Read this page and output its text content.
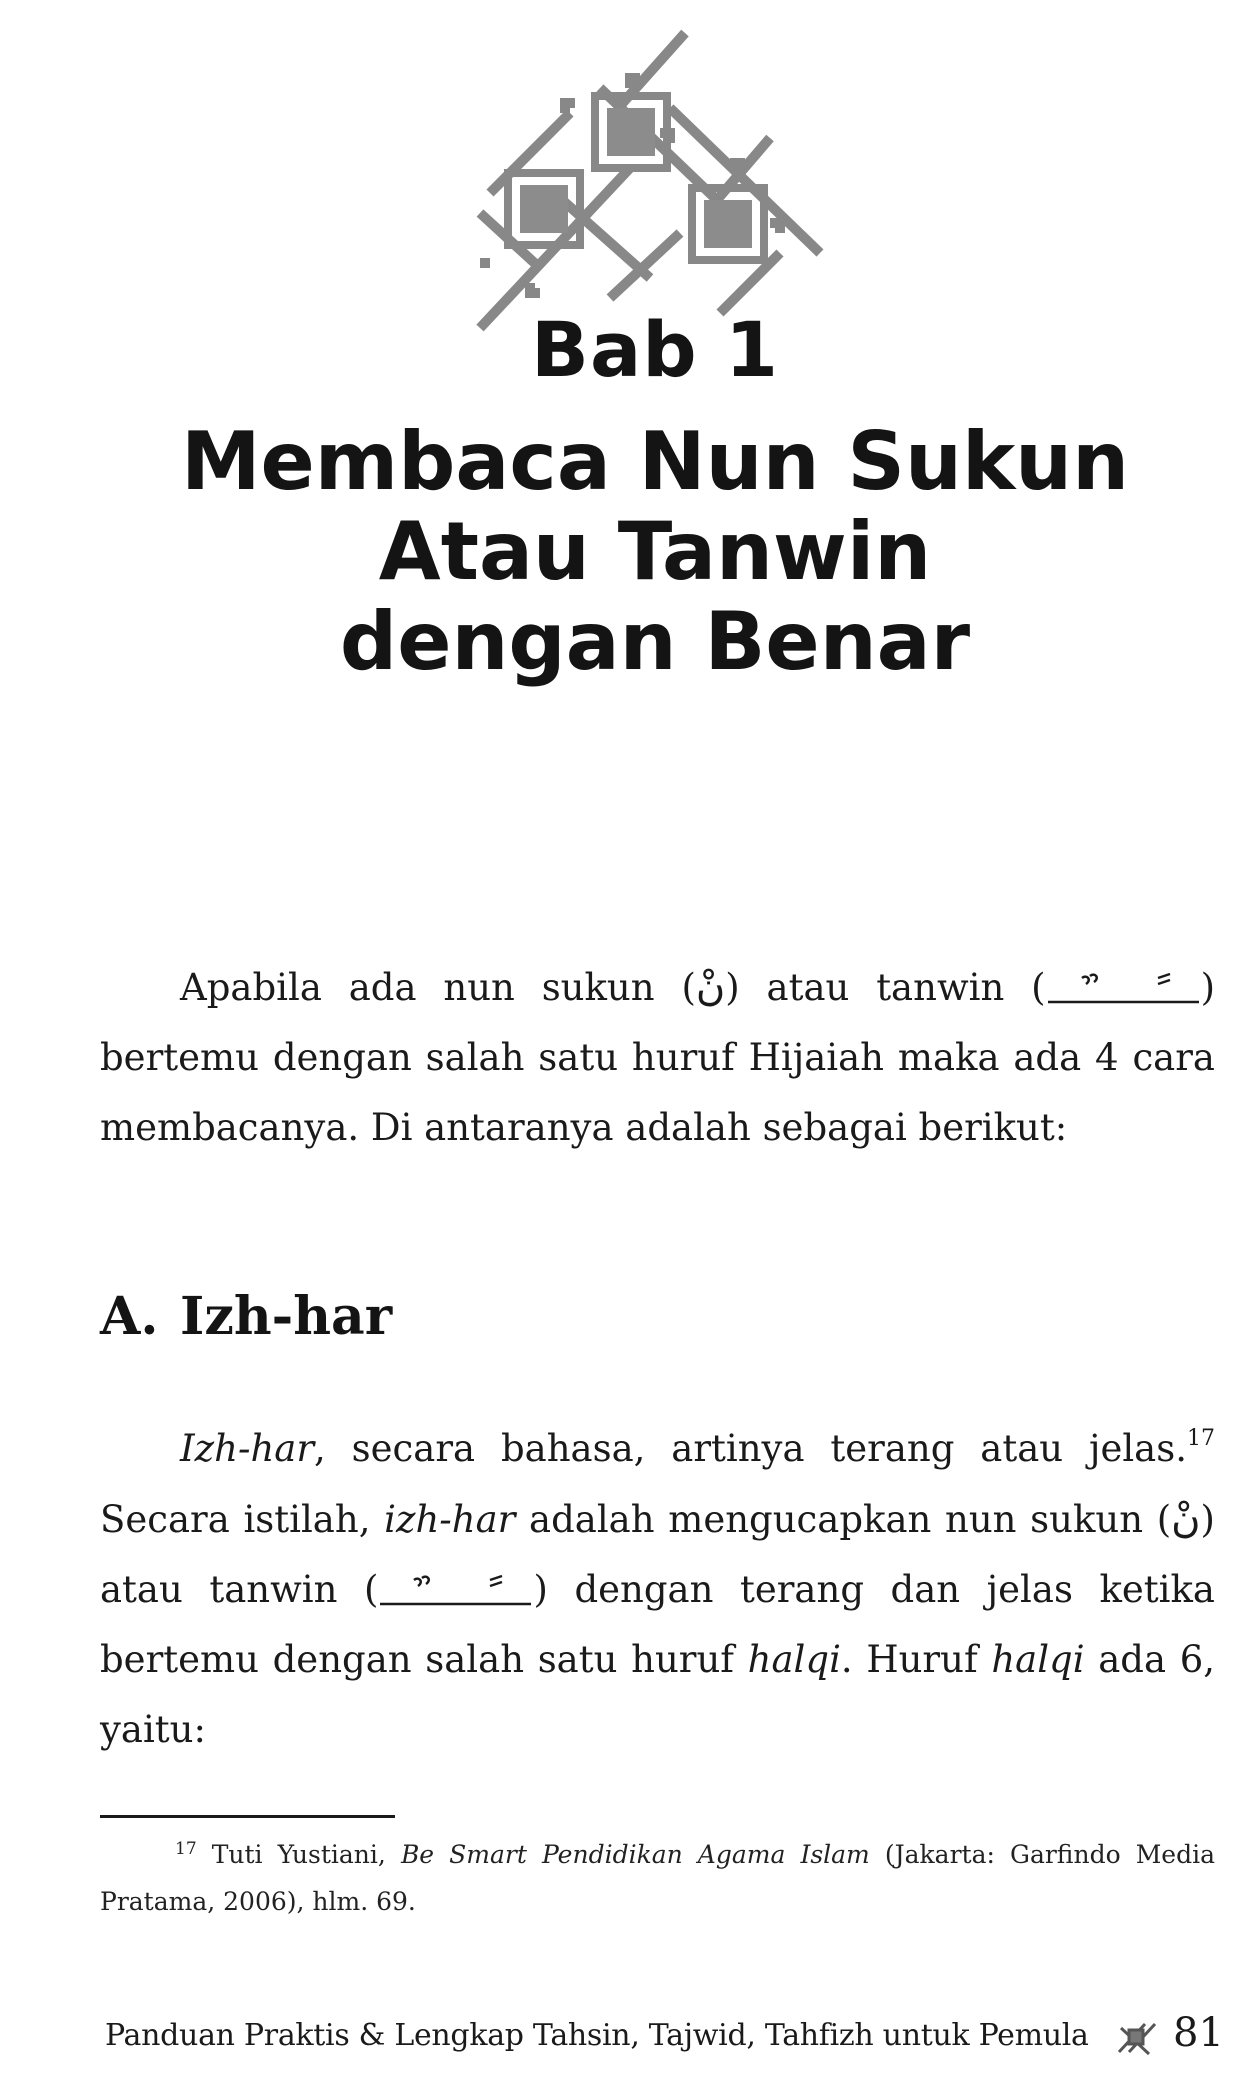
Bab 1
Membaca Nun Sukun
Atau Tanwin
dengan Benar
Apabila ada nun sukun (نْ) atau tanwin (	) bertemu dengan salah satu huruf Hijaiah maka ada 4 cara membacanya. Di antaranya adalah sebagai berikut:
A. Izh-har
Izh-har, secara bahasa, artinya terang atau jelas.$^{17}$ Secara istilah, izh-har adalah mengucapkan nun sukun (نْ) atau tanwin (	) dengan terang dan jelas ketika bertemu dengan salah satu huruf halqi. Huruf halqi ada 6, yaitu:
$^{17}$ Tuti Yustiani, Be Smart Pendidikan Agama Islam (Jakarta: Garfindo Media Pratama, 2006), hlm. 69.
Panduan Praktis & Lengkap Tahsin, Tajwid, Tahfizh untuk Pemula 81
